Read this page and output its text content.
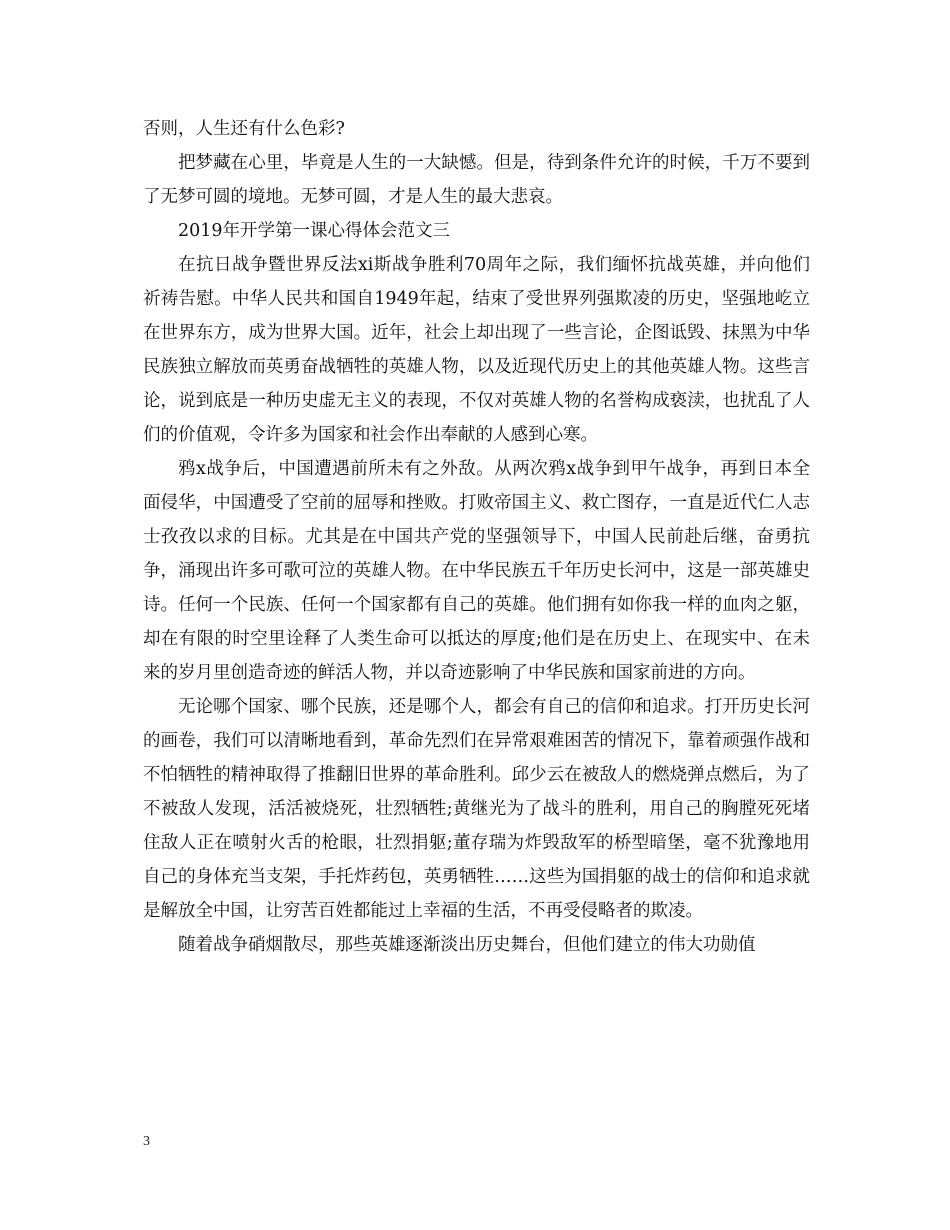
否则，人生还有什么色彩?

把梦藏在心里，毕竟是人生的一大缺憾。但是，待到条件允许的时候，千万不要到了无梦可圆的境地。无梦可圆，才是人生的最大悲哀。

2019年开学第一课心得体会范文三

在抗日战争暨世界反法xi斯战争胜利70周年之际，我们缅怀抗战英雄，并向他们祈祷告慰。中华人民共和国自1949年起，结束了受世界列强欺凌的历史，坚强地屹立在世界东方，成为世界大国。近年，社会上却出现了一些言论，企图诋毁、抹黑为中华民族独立解放而英勇奋战牺牲的英雄人物，以及近现代历史上的其他英雄人物。这些言论，说到底是一种历史虚无主义的表现，不仅对英雄人物的名誉构成亵渎，也扰乱了人们的价值观，令许多为国家和社会作出奉献的人感到心寒。

鸦x战争后，中国遭遇前所未有之外敌。从两次鸦x战争到甲午战争，再到日本全面侵华，中国遭受了空前的屈辱和挫败。打败帝国主义、救亡图存，一直是近代仁人志士孜孜以求的目标。尤其是在中国共产党的坚强领导下，中国人民前赴后继，奋勇抗争，涌现出许多可歌可泣的英雄人物。在中华民族五千年历史长河中，这是一部英雄史诗。任何一个民族、任何一个国家都有自己的英雄。他们拥有如你我一样的血肉之躯，却在有限的时空里诠释了人类生命可以抵达的厚度;他们是在历史上、在现实中、在未来的岁月里创造奇迹的鲜活人物，并以奇迹影响了中华民族和国家前进的方向。

无论哪个国家、哪个民族，还是哪个人，都会有自己的信仰和追求。打开历史长河的画卷，我们可以清晰地看到，革命先烈们在异常艰难困苦的情况下，靠着顽强作战和不怕牺牲的精神取得了推翻旧世界的革命胜利。邱少云在被敌人的燃烧弹点燃后，为了不被敌人发现，活活被烧死，壮烈牺牲;黄继光为了战斗的胜利，用自己的胸膛死死堵住敌人正在喷射火舌的枪眼，壮烈捐躯;董存瑞为炸毁敌军的桥型暗堡，毫不犹豫地用自己的身体充当支架，手托炸药包，英勇牺牲……这些为国捐躯的战士的信仰和追求就是解放全中国，让穷苦百姓都能过上幸福的生活，不再受侵略者的欺凌。

随着战争硝烟散尽，那些英雄逐渐淡出历史舞台，但他们建立的伟大功勋值

3
